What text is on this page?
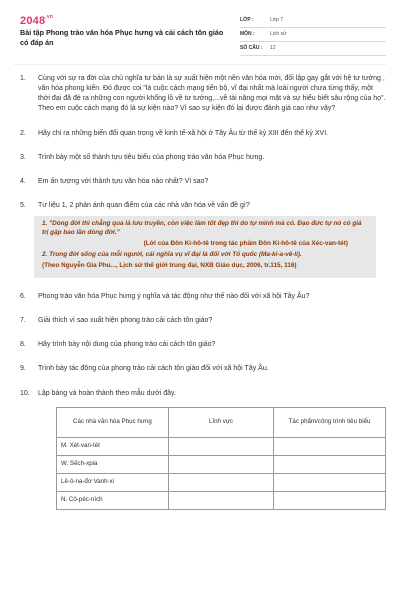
$2048^{.vn}$
Bài tập Phong trào văn hóa Phục hưng và cải cách tôn giáo có đáp án
LỚP :	Lớp 7
MÔN :	Lịch sử
SỐ CÂU :	12
1. Cùng với sự ra đời của chủ nghĩa tư bản là sự xuất hiện một nền văn hóa mới, đối lập gay gắt với hệ tư tưởng , văn hóa phong kiến. Đó được coi "là cuộc cách mạng tiến bộ, vĩ đại nhất mà loài người chưa từng thấy, một thời đại đã đẻ ra những con người khổng lồ về tư tưởng,...về tài năng mọi mặt và sự hiểu biết sâu rộng của họ". Theo em cuộc cách mạng đó là sự kiện nào? Vì sao sự kiện đó lại được đánh giá cao như vậy?
2. Hãy chỉ ra những biến đổi quan trọng về kinh tế-xã hội ở Tây Âu từ thế kỷ XIII đến thế kỷ XVI.
3. Trình bày một số thành tựu tiêu biểu của phong trào văn hóa Phục hưng.
4. Em ấn tượng với thành tựu văn hóa nào nhất? Vì sao?
5. Tư liệu 1, 2 phản ánh quan điểm của các nhà văn hóa về vấn đề gì?
1. "Dòng đời thì chẳng qua là lưu truyền, còn việc làm tốt đẹp thì do tự mình mà có. Đạo đức tự nó có giá trị gặp bao lần dòng đời."
(Lời của Đôn Ki-hô-tê trong tác phẩm Đôn Ki-hô-tê của Xéc-van-tét)
2. Trong đời sống của mỗi người, cái nghĩa vụ vĩ đại là đối với Tổ quốc (Ma-ki-a-vê-li).
(Theo Nguyễn Gia Phu..., Lịch sử thế giới trung đại, NXB Giáo dục, 2006, tr.115, 116)
6. Phong trào văn hóa Phục hưng ý nghĩa và tác động như thế nào đối với xã hội Tây Âu?
7. Giải thích vì sao xuất hiện phong trào cải cách tôn giáo?
8. Hãy trình bày nội dung của phong trào cải cách tôn giáo?
9. Trình bày tác động của phong trào cải cách tôn giáo đối với xã hội Tây Âu.
10. Lập bảng và hoàn thành theo mẫu dưới đây.
Các nhà văn hóa Phục hưng	Lĩnh vực	Tác phẩm/công trình tiêu biểu
M. Xét-van-tét		
W. Sếch-xpia		
Lê-ô-na-đơ Vanh-xi		
N. Cô-péc-ních		
